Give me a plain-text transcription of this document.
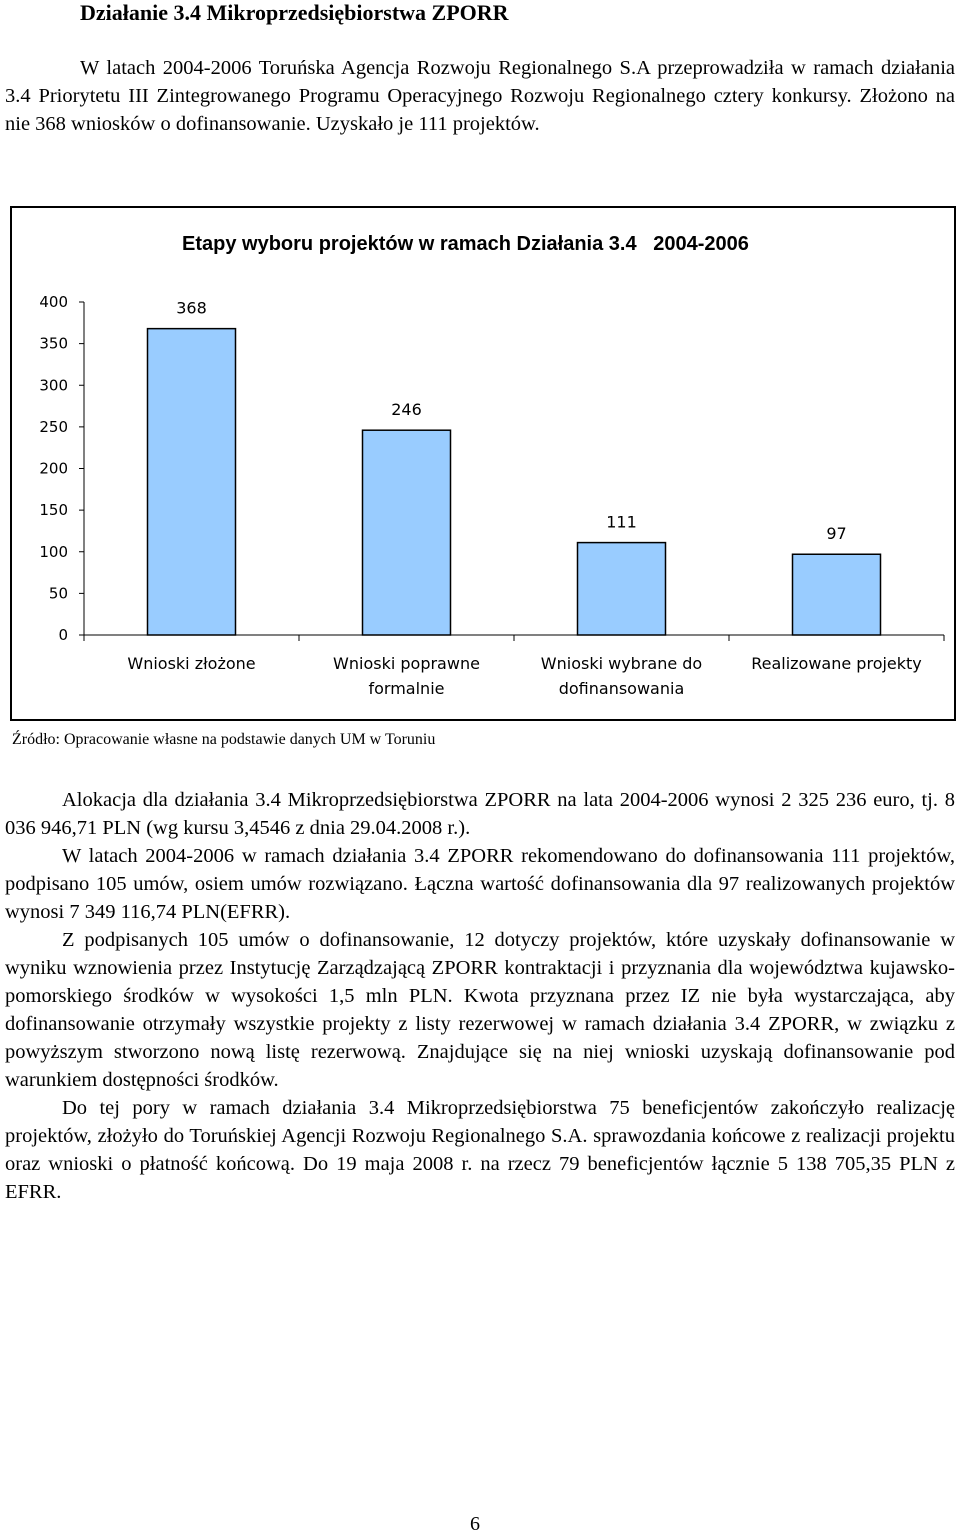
Działanie 3.4 Mikroprzedsiębiorstwa ZPORR

W latach 2004-2006 Toruńska Agencja Rozwoju Regionalnego S.A przeprowadziła w ramach działania 3.4 Priorytetu III Zintegrowanego Programu Operacyjnego Rozwoju Regionalnego cztery konkursy. Złożono na nie 368 wniosków o dofinansowanie. Uzyskało je 111 projektów.

Etapy wyboru projektów w ramach Działania 3.4   2004-2006
0
50
100
150
200
250
300
350
400	368
Wnioski złożone
246
Wnioski poprawne
formalnie
111
Wnioski wybrane do
dofinansowania
97
Realizowane projekty

Źródło: Opracowanie własne na podstawie danych UM w Toruniu

Alokacja dla działania 3.4 Mikroprzedsiębiorstwa ZPORR na lata 2004-2006 wynosi 2 325 236 euro, tj. 8 036 946,71 PLN (wg kursu 3,4546 z dnia 29.04.2008 r.).

W latach 2004-2006 w ramach działania 3.4 ZPORR rekomendowano do dofinansowania 111 projektów, podpisano 105 umów, osiem umów rozwiązano. Łączna wartość dofinansowania dla 97 realizowanych projektów wynosi 7 349 116,74 PLN(EFRR).

Z podpisanych 105 umów o dofinansowanie, 12 dotyczy projektów, które uzyskały dofinansowanie w wyniku wznowienia przez Instytucję Zarządzającą ZPORR kontraktacji i przyznania dla województwa kujawsko-pomorskiego środków w wysokości 1,5 mln PLN. Kwota przyznana przez IZ nie była wystarczająca, aby dofinansowanie otrzymały wszystkie projekty z listy rezerwowej w ramach działania 3.4 ZPORR, w związku z powyższym stworzono nową listę rezerwową. Znajdujące się na niej wnioski uzyskają dofinansowanie pod warunkiem dostępności środków.

Do tej pory w ramach działania 3.4 Mikroprzedsiębiorstwa 75 beneficjentów zakończyło realizację projektów, złożyło do Toruńskiej Agencji Rozwoju Regionalnego S.A. sprawozdania końcowe z realizacji projektu oraz wnioski o płatność końcową. Do 19 maja 2008 r. na rzecz 79 beneficjentów łącznie 5 138 705,35 PLN z EFRR.

6
